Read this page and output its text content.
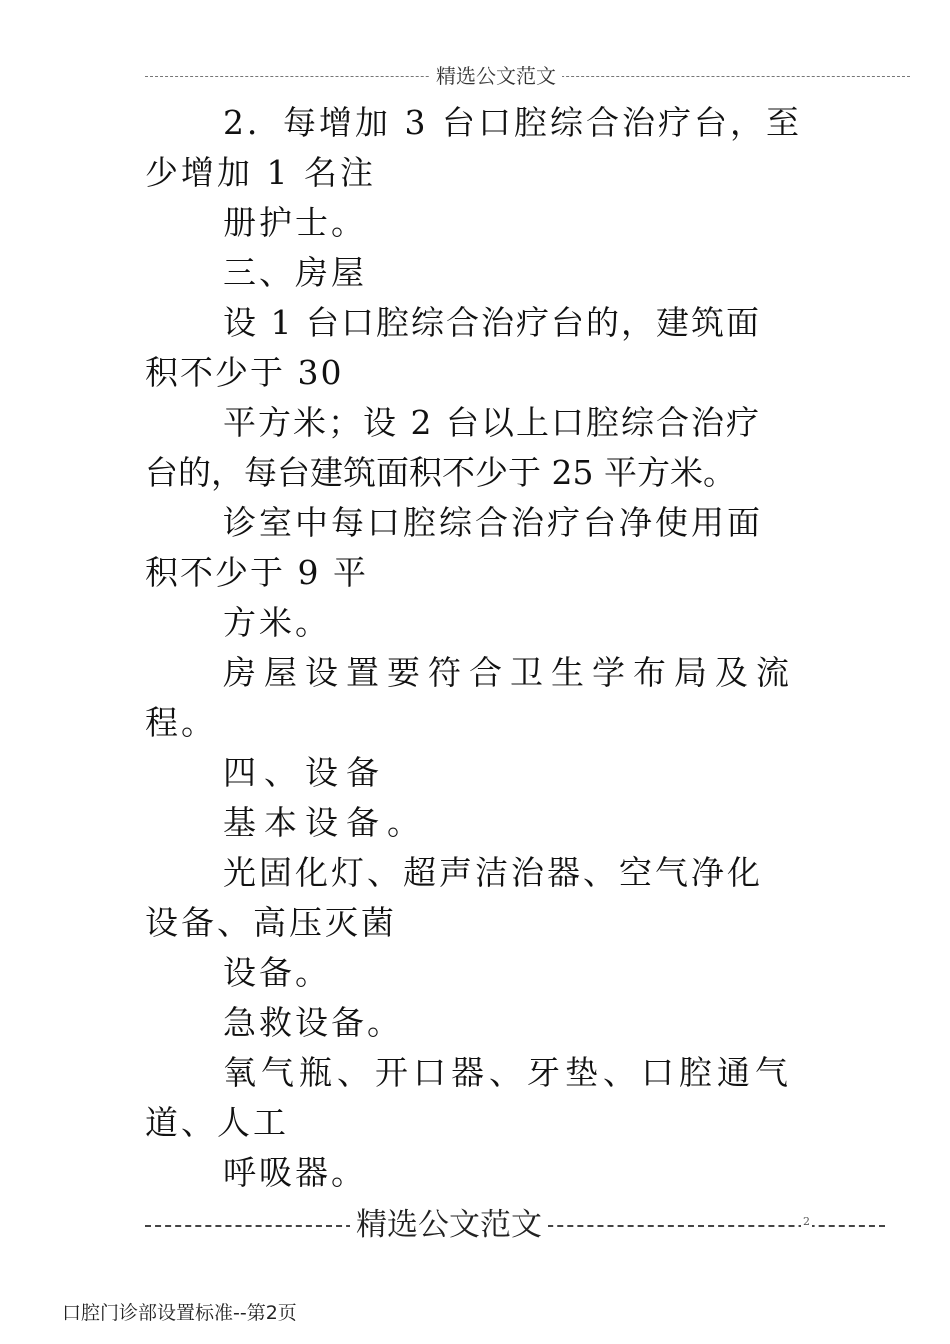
精选公文范文
2．每增加 3 台口腔综合治疗台，至
少增加 1 名注
册护士。
三、房屋
设 1 台口腔综合治疗台的，建筑面
积不少于 30
平方米；设 2 台以上口腔综合治疗
台的，每台建筑面积不少于 25 平方米。
诊室中每口腔综合治疗台净使用面
积不少于 9 平
方米。
房屋设置要符合卫生学布局及流
程。
四、设备
基本设备。
光固化灯、超声洁治器、空气净化
设备、高压灭菌
设备。
急救设备。
氧气瓶、开口器、牙垫、口腔通气
道、人工
呼吸器。
精选公文范文	2
口腔门诊部设置标准--第2页
